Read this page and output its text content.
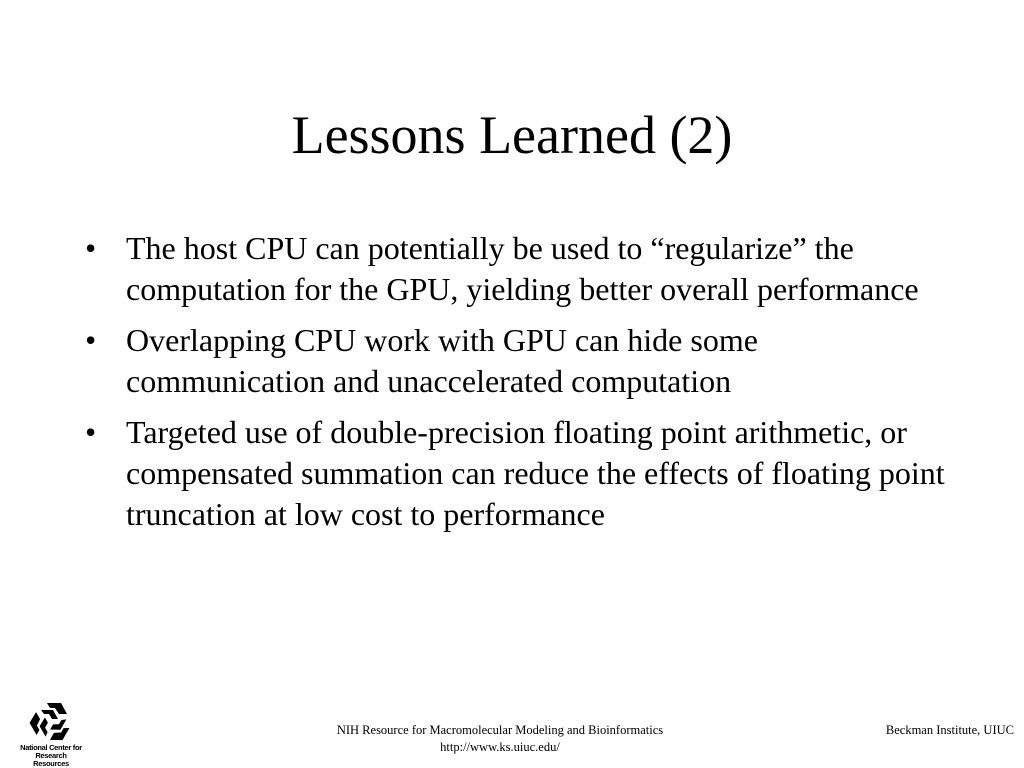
Lessons Learned (2)
• The host CPU can potentially be used to “regularize” the computation for the GPU, yielding better overall performance
• Overlapping CPU work with GPU can hide some communication and unaccelerated computation
• Targeted use of double-precision floating point arithmetic, or compensated summation can reduce the effects of floating point truncation at low cost to performance
National Center for Research Resources
NIH Resource for Macromolecular Modeling and Bioinformatics
http://www.ks.uiuc.edu/
Beckman Institute, UIUC
